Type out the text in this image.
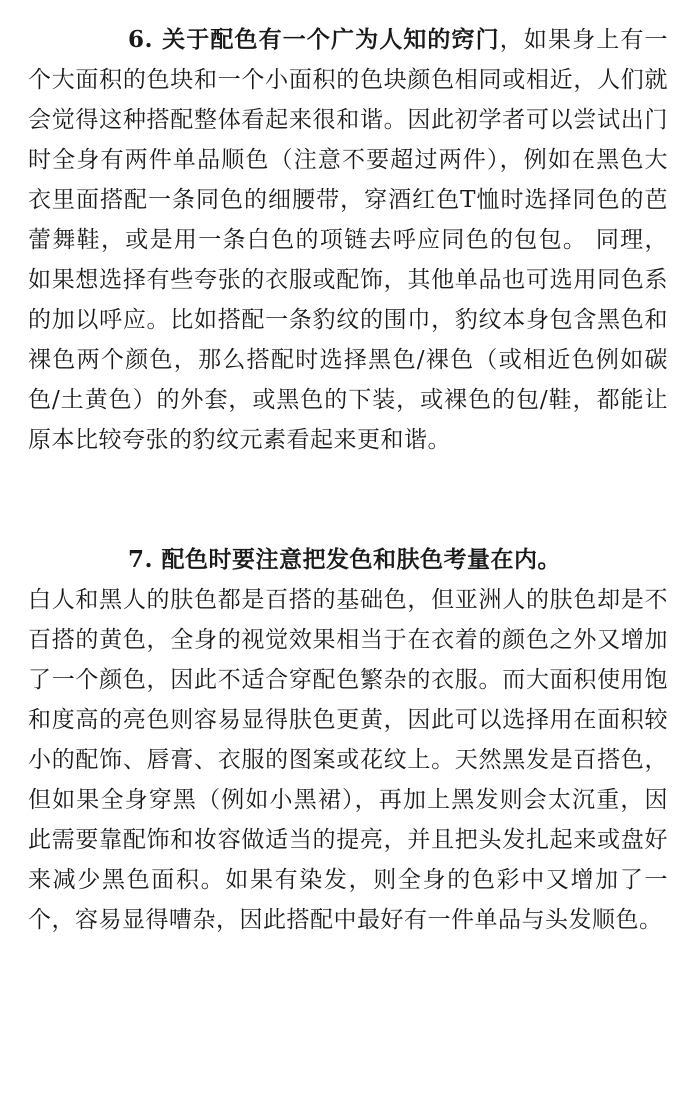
6. 关于配色有一个广为人知的窍门，如果身上有一个大面积的色块和一个小面积的色块颜色相同或相近，人们就会觉得这种搭配整体看起来很和谐。因此初学者可以尝试出门时全身有两件单品顺色（注意不要超过两件），例如在黑色大衣里面搭配一条同色的细腰带，穿酒红色T恤时选择同色的芭蕾舞鞋，或是用一条白色的项链去呼应同色的包包。 同理，如果想选择有些夸张的衣服或配饰，其他单品也可选用同色系的加以呼应。比如搭配一条豹纹的围巾，豹纹本身包含黑色和裸色两个颜色，那么搭配时选择黑色/裸色（或相近色例如碳色/土黄色）的外套，或黑色的下装，或裸色的包/鞋，都能让原本比较夸张的豹纹元素看起来更和谐。

7. 配色时要注意把发色和肤色考量在内。
白人和黑人的肤色都是百搭的基础色，但亚洲人的肤色却是不百搭的黄色，全身的视觉效果相当于在衣着的颜色之外又增加了一个颜色，因此不适合穿配色繁杂的衣服。而大面积使用饱和度高的亮色则容易显得肤色更黄，因此可以选择用在面积较小的配饰、唇膏、衣服的图案或花纹上。天然黑发是百搭色，但如果全身穿黑（例如小黑裙），再加上黑发则会太沉重，因此需要靠配饰和妆容做适当的提亮，并且把头发扎起来或盘好来减少黑色面积。如果有染发，则全身的色彩中又增加了一个，容易显得嘈杂，因此搭配中最好有一件单品与头发顺色。
